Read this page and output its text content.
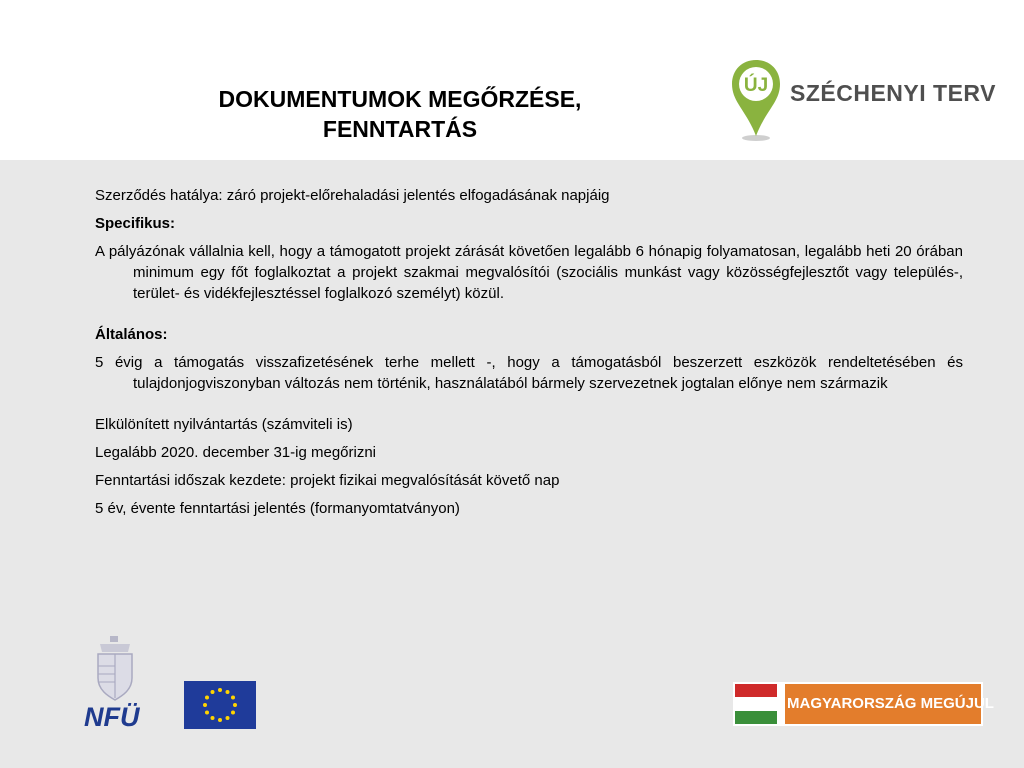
DOKUMENTUMOK MEGŐRZÉSE,
FENNTARTÁS
ÚJ SZÉCHENYI TERV

Szerződés hatálya: záró projekt-előrehaladási jelentés elfogadásának napjáig

Specifikus:

A pályázónak vállalnia kell, hogy a támogatott projekt zárását követően legalább 6 hónapig folyamatosan, legalább heti 20 órában minimum egy főt foglalkoztat a projekt szakmai megvalósítói (szociális munkást vagy közösségfejlesztőt vagy település-, terület- és vidékfejlesztéssel foglalkozó személyt) közül.

Általános:

5 évig a támogatás visszafizetésének terhe mellett -, hogy a támogatásból beszerzett eszközök rendeltetésében és tulajdonjogviszonyban változás nem történik, használatából bármely szervezetnek jogtalan előnye nem származik

Elkülönített nyilvántartás (számviteli is)

Legalább 2020. december 31-ig megőrizni

Fenntartási időszak kezdete: projekt fizikai megvalósítását követő nap

5 év, évente fenntartási jelentés (formanyomtatványon)

NFÜ	MAGYARORSZÁG MEGÚJUL
